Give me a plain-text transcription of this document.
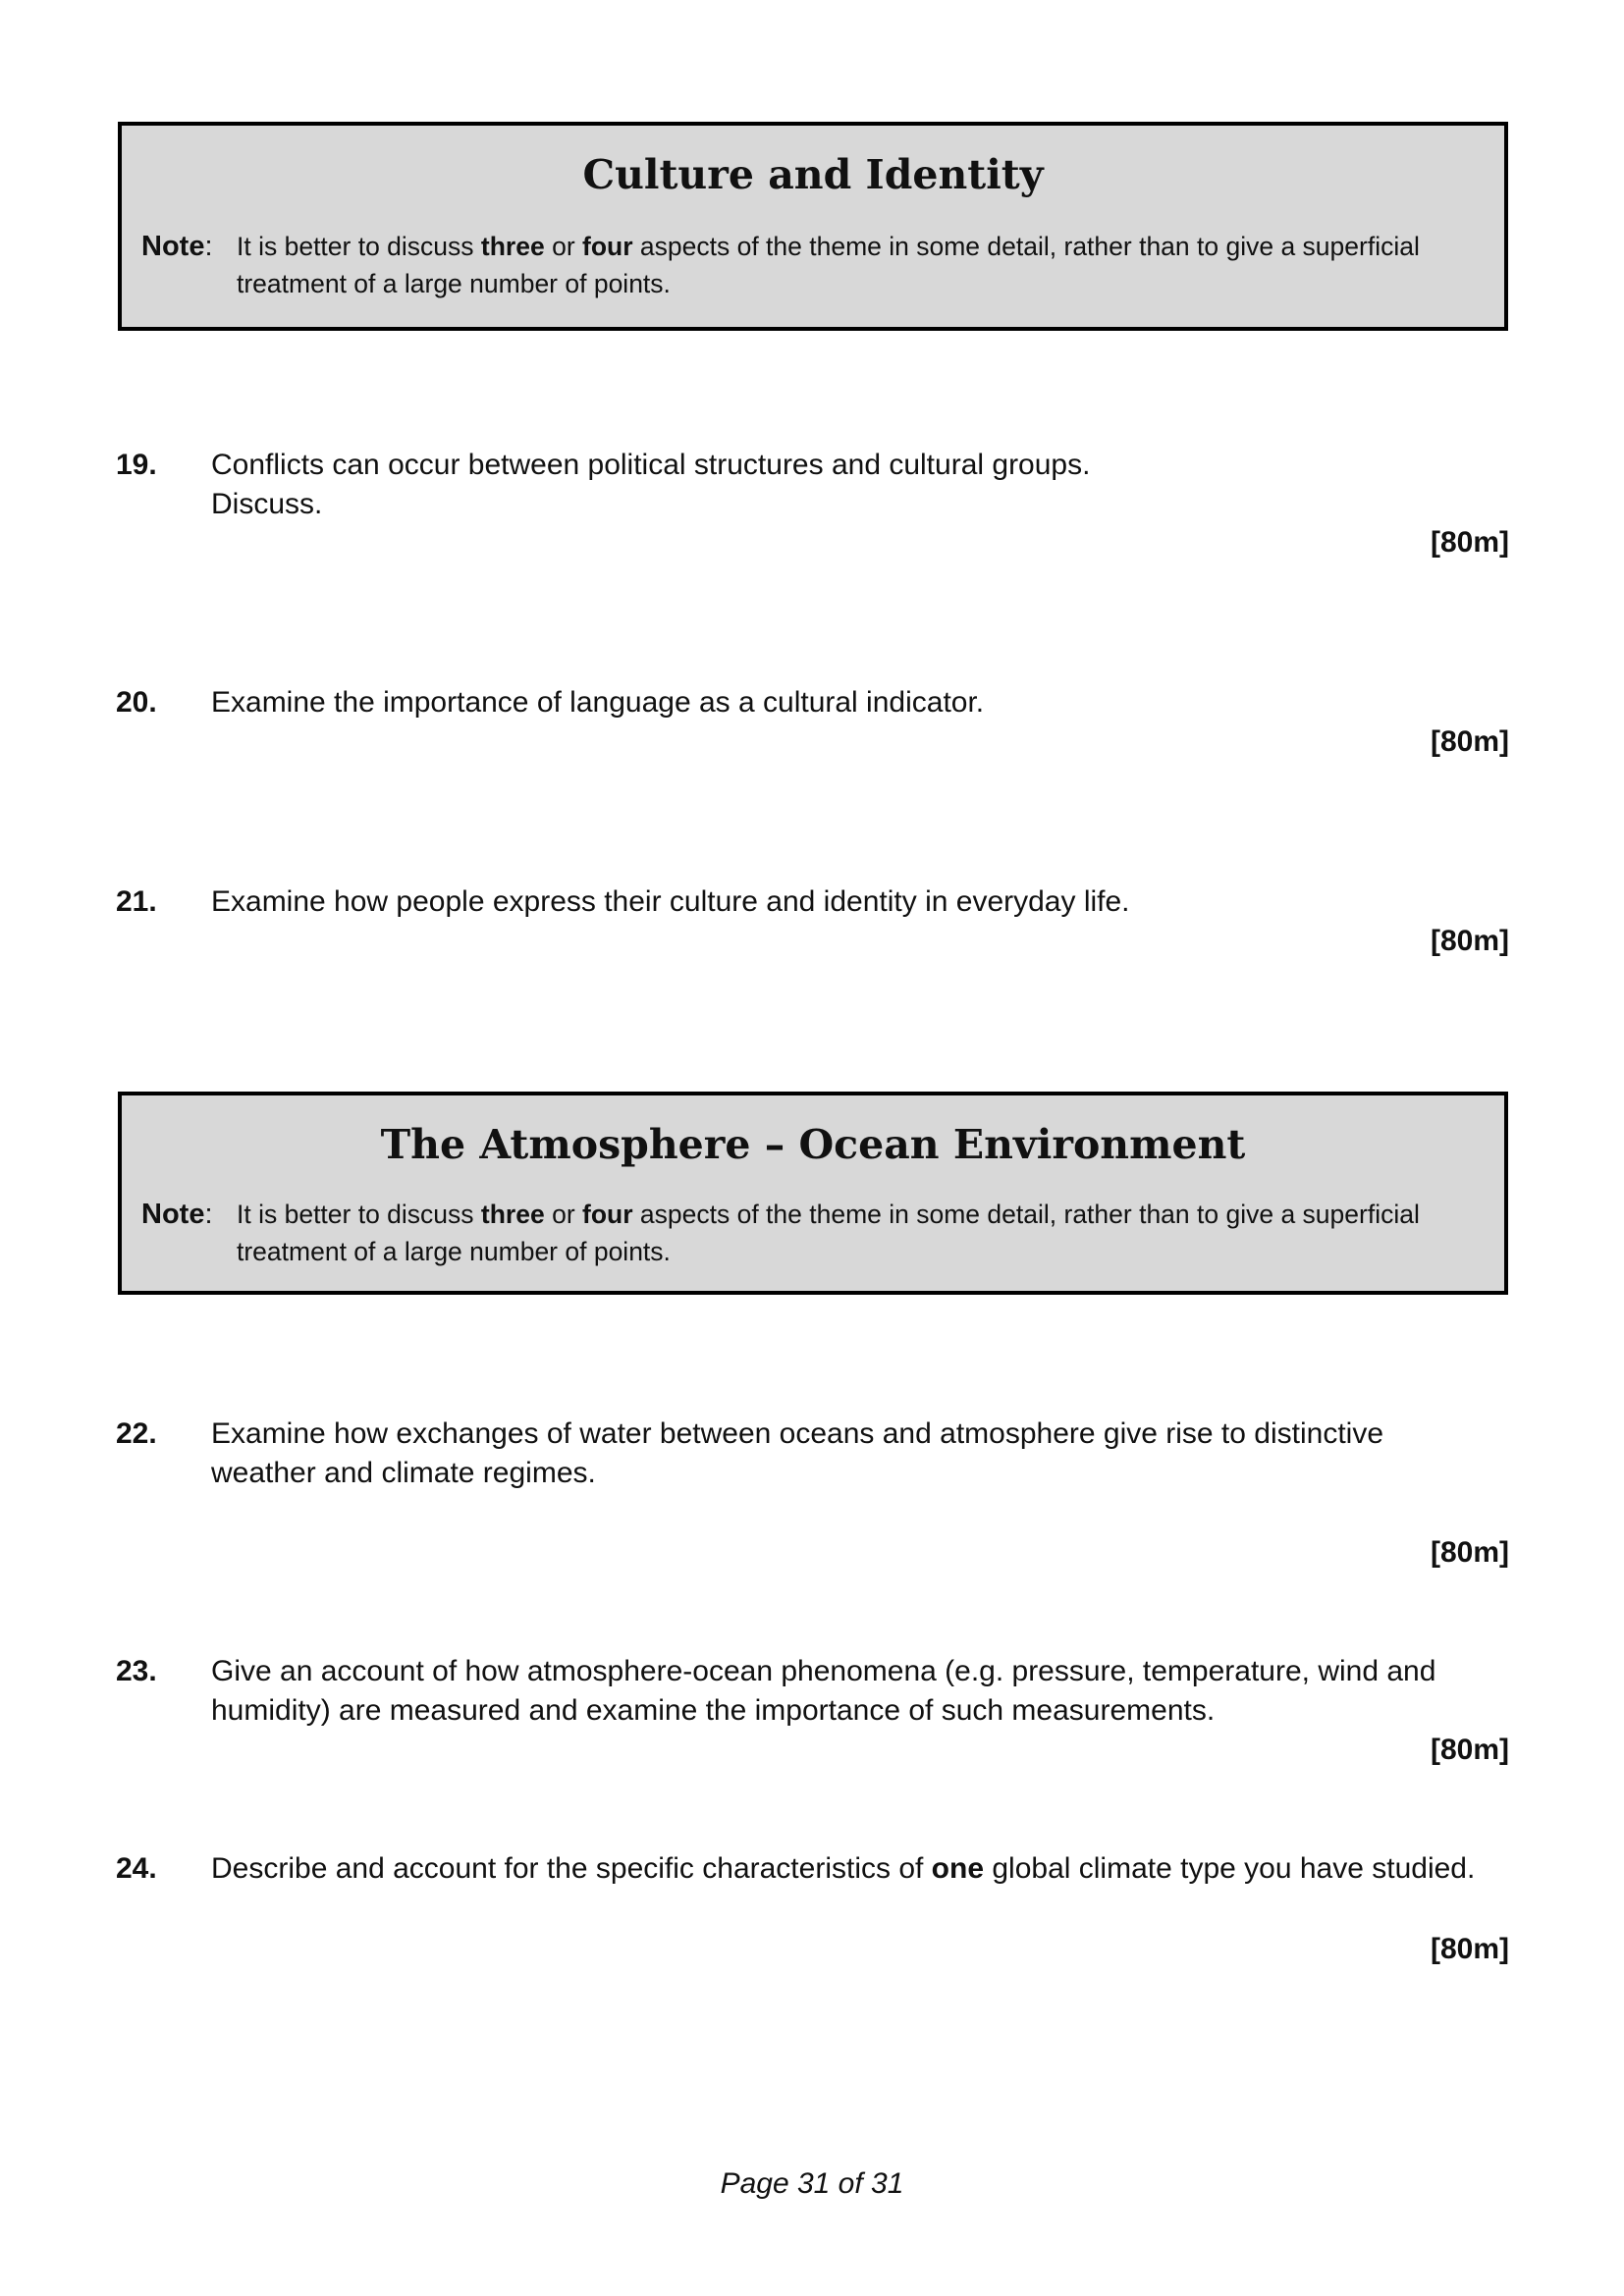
Culture and Identity
Note: It is better to discuss three or four aspects of the theme in some detail, rather than to give a superficial treatment of a large number of points.
19. Conflicts can occur between political structures and cultural groups.
Discuss.
[80m]
20. Examine the importance of language as a cultural indicator.
[80m]
21. Examine how people express their culture and identity in everyday life.
[80m]
The Atmosphere – Ocean Environment
Note: It is better to discuss three or four aspects of the theme in some detail, rather than to give a superficial treatment of a large number of points.
22. Examine how exchanges of water between oceans and atmosphere give rise to distinctive
weather and climate regimes.
[80m]
23. Give an account of how atmosphere-ocean phenomena (e.g. pressure, temperature, wind and
humidity) are measured and examine the importance of such measurements.
[80m]
24. Describe and account for the specific characteristics of one global climate type you have studied.
[80m]
Page 31 of 31
